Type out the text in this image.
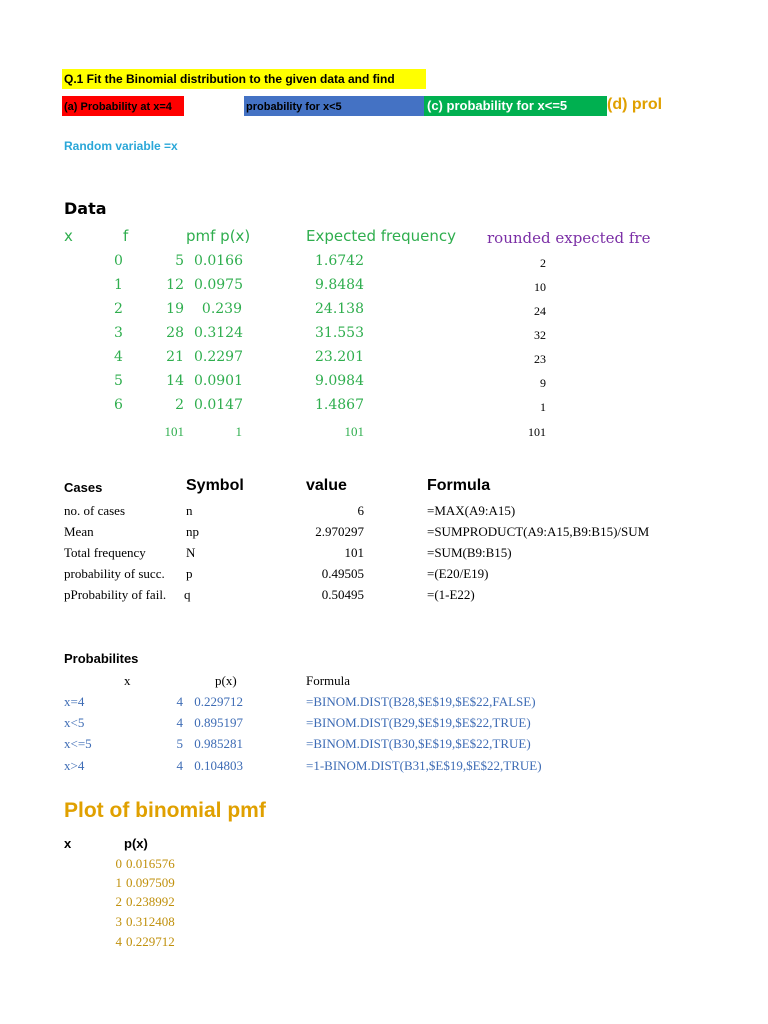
Q.1 Fit the Binomial distribution to the given data and find
(a) Probability at x=4	probability for x<5	(c) probability for x<=5	(d) prol
Random variable =x
Data
x	f	pmf p(x)	Expected frequency rounded expected fre
0	5 0.0166	1.6742	2
1	12 0.0975	9.8484	10
2	19	0.239	24.138	24
3	28 0.3124	31.553	32
4	21 0.2297	23.201	23
5	14 0.0901	9.0984	9
6	2 0.0147	1.4867	1
101	1	101	101
Cases	Symbol	value	Formula
no. of cases	n	6	=MAX(A9:A15)
Mean	np	2.970297	=SUMPRODUCT(A9:A15,B9:B15)/SUM
Total frequency	N	101	=SUM(B9:B15)
probability of succ. p	0.49505	=(E20/E19)
pProbability of fail. q	0.50495	=(1-E22)
Probabilites
x	p(x)	Formula
x=4	4 0.229712	=BINOM.DIST(B28,$E$19,$E$22,FALSE)
x<5	4 0.895197	=BINOM.DIST(B29,$E$19,$E$22,TRUE)
x<=5	5 0.985281	=BINOM.DIST(B30,$E$19,$E$22,TRUE)
x>4	4 0.104803	=1-BINOM.DIST(B31,$E$19,$E$22,TRUE)
Plot of binomial pmf
x	p(x)
0 0.016576
1 0.097509
2 0.238992
3 0.312408
4 0.229712
